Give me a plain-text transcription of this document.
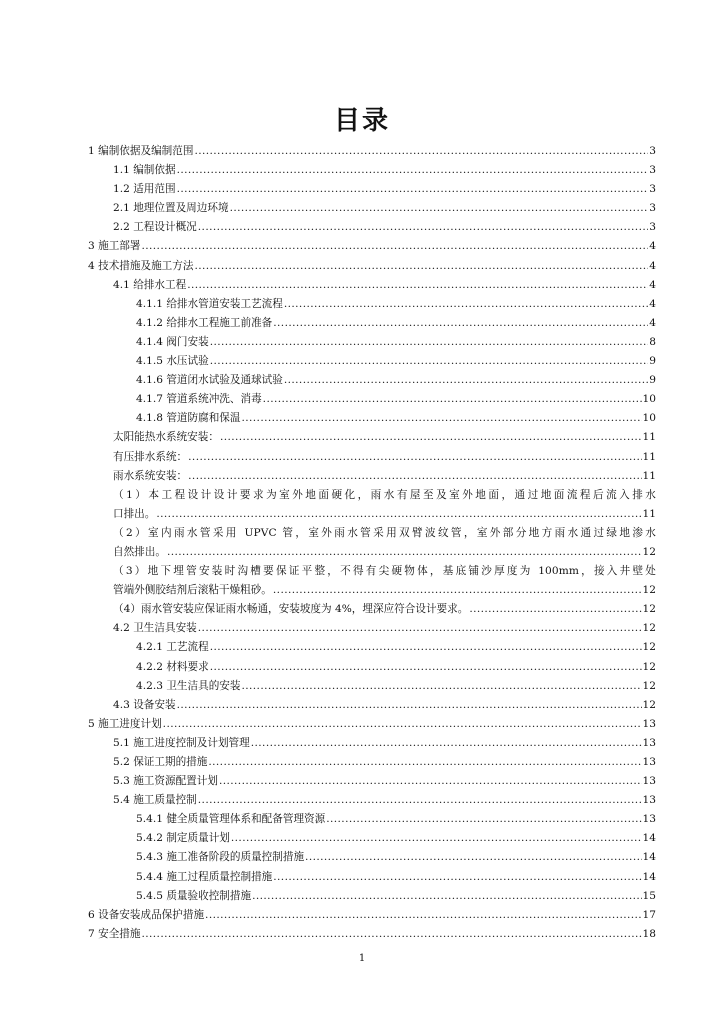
目录
1 编制依据及编制范围 .....	3
1.1 编制依据 .....	3
1.2 适用范围 .....	3
2.1 地理位置及周边环境 .....	3
2.2 工程设计概况 .....	3
3 施工部署 .....	4
4 技术措施及施工方法 .....	4
4.1 给排水工程 .....	4
4.1.1 给排水管道安装工艺流程 .....	4
4.1.2 给排水工程施工前准备 .....	4
4.1.4 阀门安装 .....	8
4.1.5 水压试验 .....	9
4.1.6 管道闭水试验及通球试验 .....	9
4.1.7 管道系统冲洗、消毒 .....	10
4.1.8 管道防腐和保温 .....	10
太阳能热水系统安装： .....	11
有压排水系统： .....	11
雨水系统安装： .....	11
（1）本工程设计设计要求为室外地面硬化，雨水有屋至及室外地面，通过地面流程后流入排水
口排出。 .....	11
（2）室内雨水管采用 UPVC 管，室外雨水管采用双臂波纹管，室外部分地方雨水通过绿地渗水
自然排出。 .....	12
（3）地下埋管安装时沟槽要保证平整，不得有尖硬物体，基底铺沙厚度为 100mm，接入井壁处
管端外侧胶结剂后滚粘干燥粗砂。 .....	12
（4）雨水管安装应保证雨水畅通，安装坡度为 4%，埋深应符合设计要求。 .....	12
4.2 卫生洁具安装 .....	12
4.2.1 工艺流程 .....	12
4.2.2 材料要求 .....	12
4.2.3 卫生洁具的安装 .....	12
4.3 设备安装 .....	12
5 施工进度计划 .....	13
5.1 施工进度控制及计划管理 .....	13
5.2 保证工期的措施 .....	13
5.3 施工资源配置计划 .....	13
5.4 施工质量控制 .....	13
5.4.1 健全质量管理体系和配备管理资源 .....	13
5.4.2 制定质量计划 .....	14
5.4.3 施工准备阶段的质量控制措施 .....	14
5.4.4 施工过程质量控制措施 .....	14
5.4.5 质量验收控制措施 .....	15
6 设备安装成品保护措施 .....	17
7 安全措施 .....	18
1
